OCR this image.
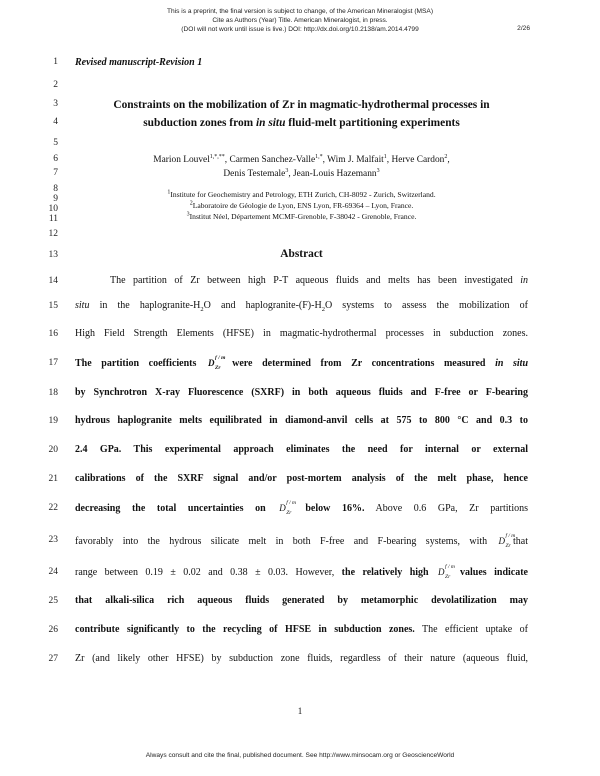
This is a preprint, the final version is subject to change, of the American Mineralogist (MSA)
Cite as Authors (Year) Title. American Mineralogist, in press.
(DOI will not work until issue is live.) DOI: http://dx.doi.org/10.2138/am.2014.4799	2/26
1
2
3
4
5
6
7
8
9
10
11
12
13
14
15
16
17
18
19
20
21
22
23
24
25
26
27
Revised manuscript-Revision 1
Constraints on the mobilization of Zr in magmatic-hydrothermal processes in
subduction zones from in situ fluid-melt partitioning experiments
Marion Louvel$^{1,*,**}$, Carmen Sanchez-Valle$^{1,*}$, Wim J. Malfait$^1$, Herve Cardon$^2$,
Denis Testemale$^3$, Jean-Louis Hazemann$^3$
$^1$Institute for Geochemistry and Petrology, ETH Zurich, CH-8092 - Zurich, Switzerland.
$^2$Laboratoire de Géologie de Lyon, ENS Lyon, FR-69364 – Lyon, France.
$^3$Institut Néel, Département MCMF-Grenoble, F-38042 - Grenoble, France.
Abstract
The partition of Zr between high P-T aqueous fluids and melts has been investigated in
situ in the haplogranite-$H_2O$ and haplogranite-$(F)-H_2O$ systems to assess the mobilization of
High Field Strength Elements (HFSE) in magmatic-hydrothermal processes in subduction zones.
The partition coefficients D f / m
Zr were determined from Zr concentrations measured in situ
by Synchrotron X-ray Fluorescence (SXRF) in both aqueous fluids and F-free or F-bearing
hydrous haplogranite melts equilibrated in diamond-anvil cells at 575 to 800 °C and 0.3 to
2.4 GPa. This experimental approach eliminates the need for internal or external
calibrations of the SXRF signal and/or post-mortem analysis of the melt phase, hence
decreasing the total uncertainties on D f / m
Zr below 16%. Above 0.6 GPa, Zr partitions
favorably into the hydrous silicate melt in both F-free and F-bearing systems, with D f / m
Zr that
range between 0.19 ± 0.02 and 0.38 ± 0.03. However, the relatively high D f / m
Zr values indicate
that alkali-silica rich aqueous fluids generated by metamorphic devolatilization may
contribute significantly to the recycling of HFSE in subduction zones. The efficient uptake of
Zr (and likely other HFSE) by subduction zone fluids, regardless of their nature (aqueous fluid,
1
Always consult and cite the final, published document. See http://www.minsocam.org or GeoscienceWorld
